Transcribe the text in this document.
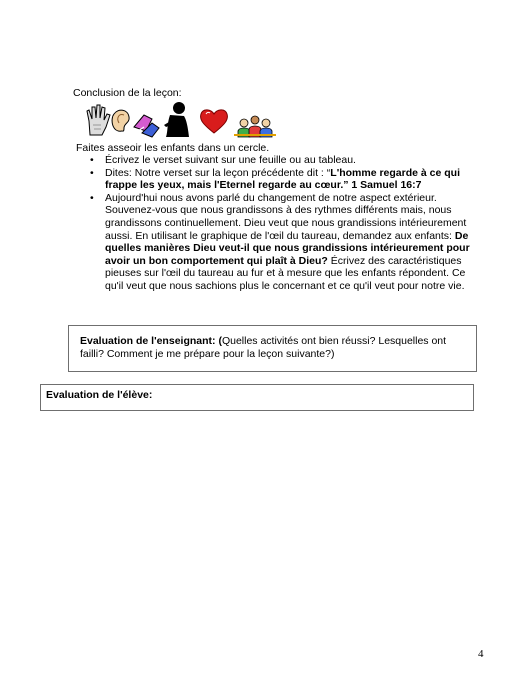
Conclusion de la leçon:
Faites asseoir les enfants dans un cercle.
• Écrivez le verset suivant sur une feuille ou au tableau.
• Dites: Notre verset sur la leçon précédente dit : “L'homme regarde à ce qui frappe les yeux, mais l'Eternel regarde au cœur.” 1 Samuel 16:7
• Aujourd'hui nous avons parlé du changement de notre aspect extérieur. Souvenez-vous que nous grandissons à des rythmes différents mais, nous grandissons continuellement. Dieu veut que nous grandissions intérieurement aussi. En utilisant le graphique de l'œil du taureau, demandez aux enfants: De quelles manières Dieu veut-il que nous grandissions intérieurement pour avoir un bon comportement qui plaît à Dieu? Écrivez des caractéristiques pieuses sur l'œil du taureau au fur et à mesure que les enfants répondent. Ce qu'il veut que nous sachions plus le concernant et ce qu'il veut pour notre vie.
Evaluation de l'enseignant: (Quelles activités ont bien réussi? Lesquelles ont failli? Comment je me prépare pour la leçon suivante?)
Evaluation de l'élève:
4
